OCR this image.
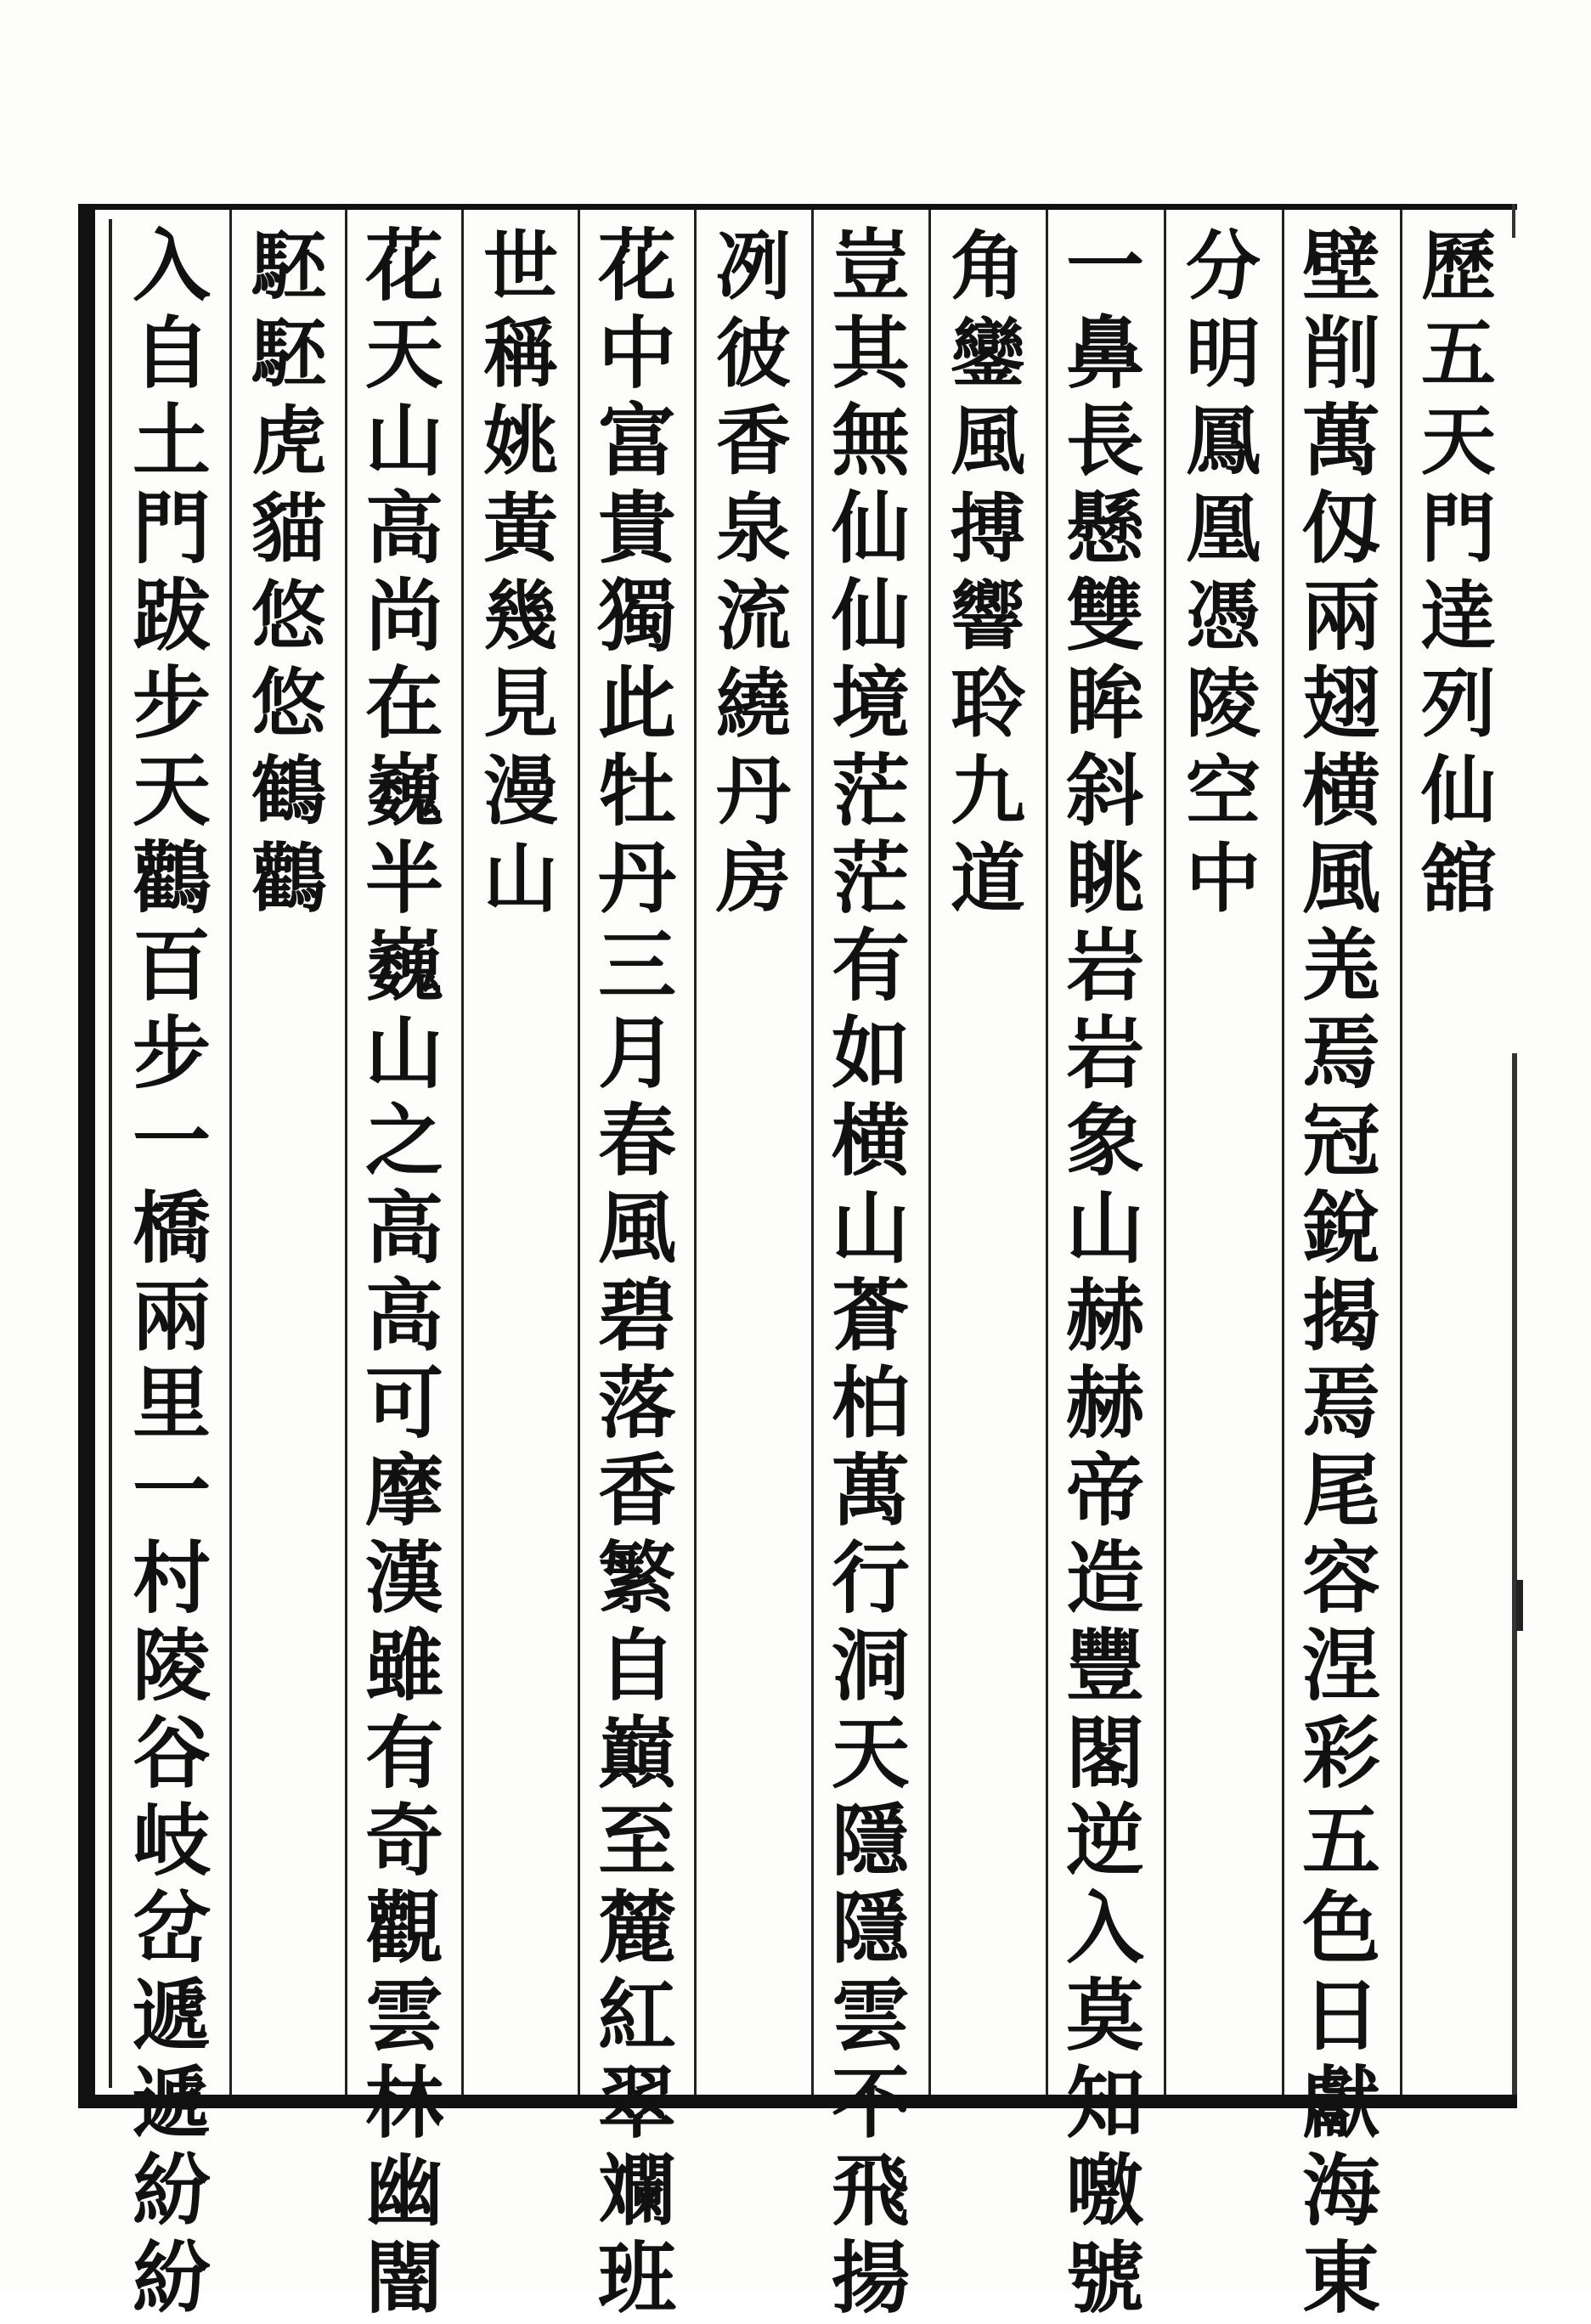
歷
五
天
門
逹
列
仙
舘
壁
削
萬
仭
兩
翅
横
風
𦍑
焉
冠
銳
揭
焉
尾
容
涅
彩
五
色
日
獻
海
東
分
明
鳳
凰
憑
陵
空
中
一
鼻
長
懸
雙
眸
斜
眺
岩
岩
象
山
赫
赫
帝
造
豐
閣
逆
入
莫
知
噭
號
角
鑾
風
搏
響
聆
九
道
豈
其
無
仙
仙
境
茫
茫
有
如
横
山
蒼
柏
萬
行
洞
天
隱
隱
雲
不
飛
揚
冽
彼
香
泉
流
繞
丹
房
花
中
富
貴
獨
此
牡
丹
三
月
春
風
碧
落
香
繁
自
巔
至
麓
紅
翠
斕
班
世
稱
姚
黃
幾
見
漫
山
花
天
山
高
尚
在
巍
半
巍
山
之
高
高
可
摩
漢
雖
有
奇
觀
雲
林
幽
闇
駓
駓
虎
貓
悠
悠
鶴
鸛
入
自
土
門
跋
步
天
鸛
百
步
一
橋
兩
里
一
村
陵
谷
岐
岔
遞
遞
紛
紛
